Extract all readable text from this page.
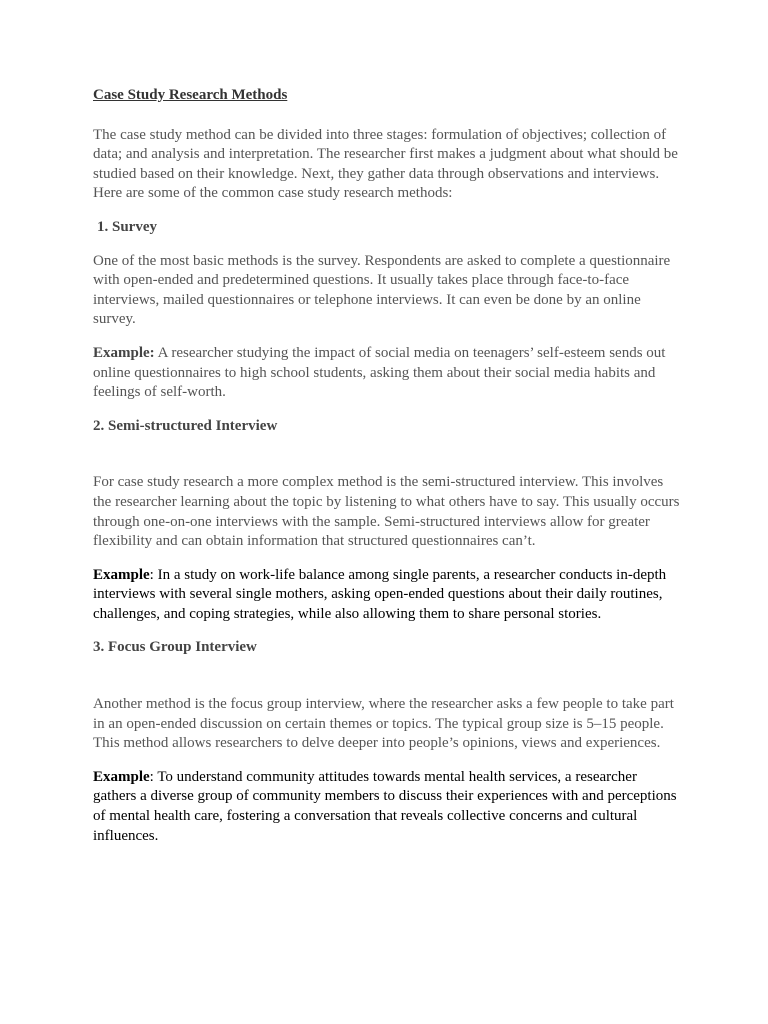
Case Study Research Methods

The case study method can be divided into three stages: formulation of objectives; collection of data; and analysis and interpretation. The researcher first makes a judgment about what should be studied based on their knowledge. Next, they gather data through observations and interviews. Here are some of the common case study research methods:

1. Survey

One of the most basic methods is the survey. Respondents are asked to complete a questionnaire with open-ended and predetermined questions. It usually takes place through face-to-face interviews, mailed questionnaires or telephone interviews. It can even be done by an online survey.

Example: A researcher studying the impact of social media on teenagers’ self-esteem sends out online questionnaires to high school students, asking them about their social media habits and feelings of self-worth.

2. Semi-structured Interview

For case study research a more complex method is the semi-structured interview. This involves the researcher learning about the topic by listening to what others have to say. This usually occurs through one-on-one interviews with the sample. Semi-structured interviews allow for greater flexibility and can obtain information that structured questionnaires can’t.

Example: In a study on work-life balance among single parents, a researcher conducts in-depth interviews with several single mothers, asking open-ended questions about their daily routines, challenges, and coping strategies, while also allowing them to share personal stories.

3. Focus Group Interview

Another method is the focus group interview, where the researcher asks a few people to take part in an open-ended discussion on certain themes or topics. The typical group size is 5–15 people. This method allows researchers to delve deeper into people’s opinions, views and experiences.

Example: To understand community attitudes towards mental health services, a researcher gathers a diverse group of community members to discuss their experiences with and perceptions of mental health care, fostering a conversation that reveals collective concerns and cultural influences.
